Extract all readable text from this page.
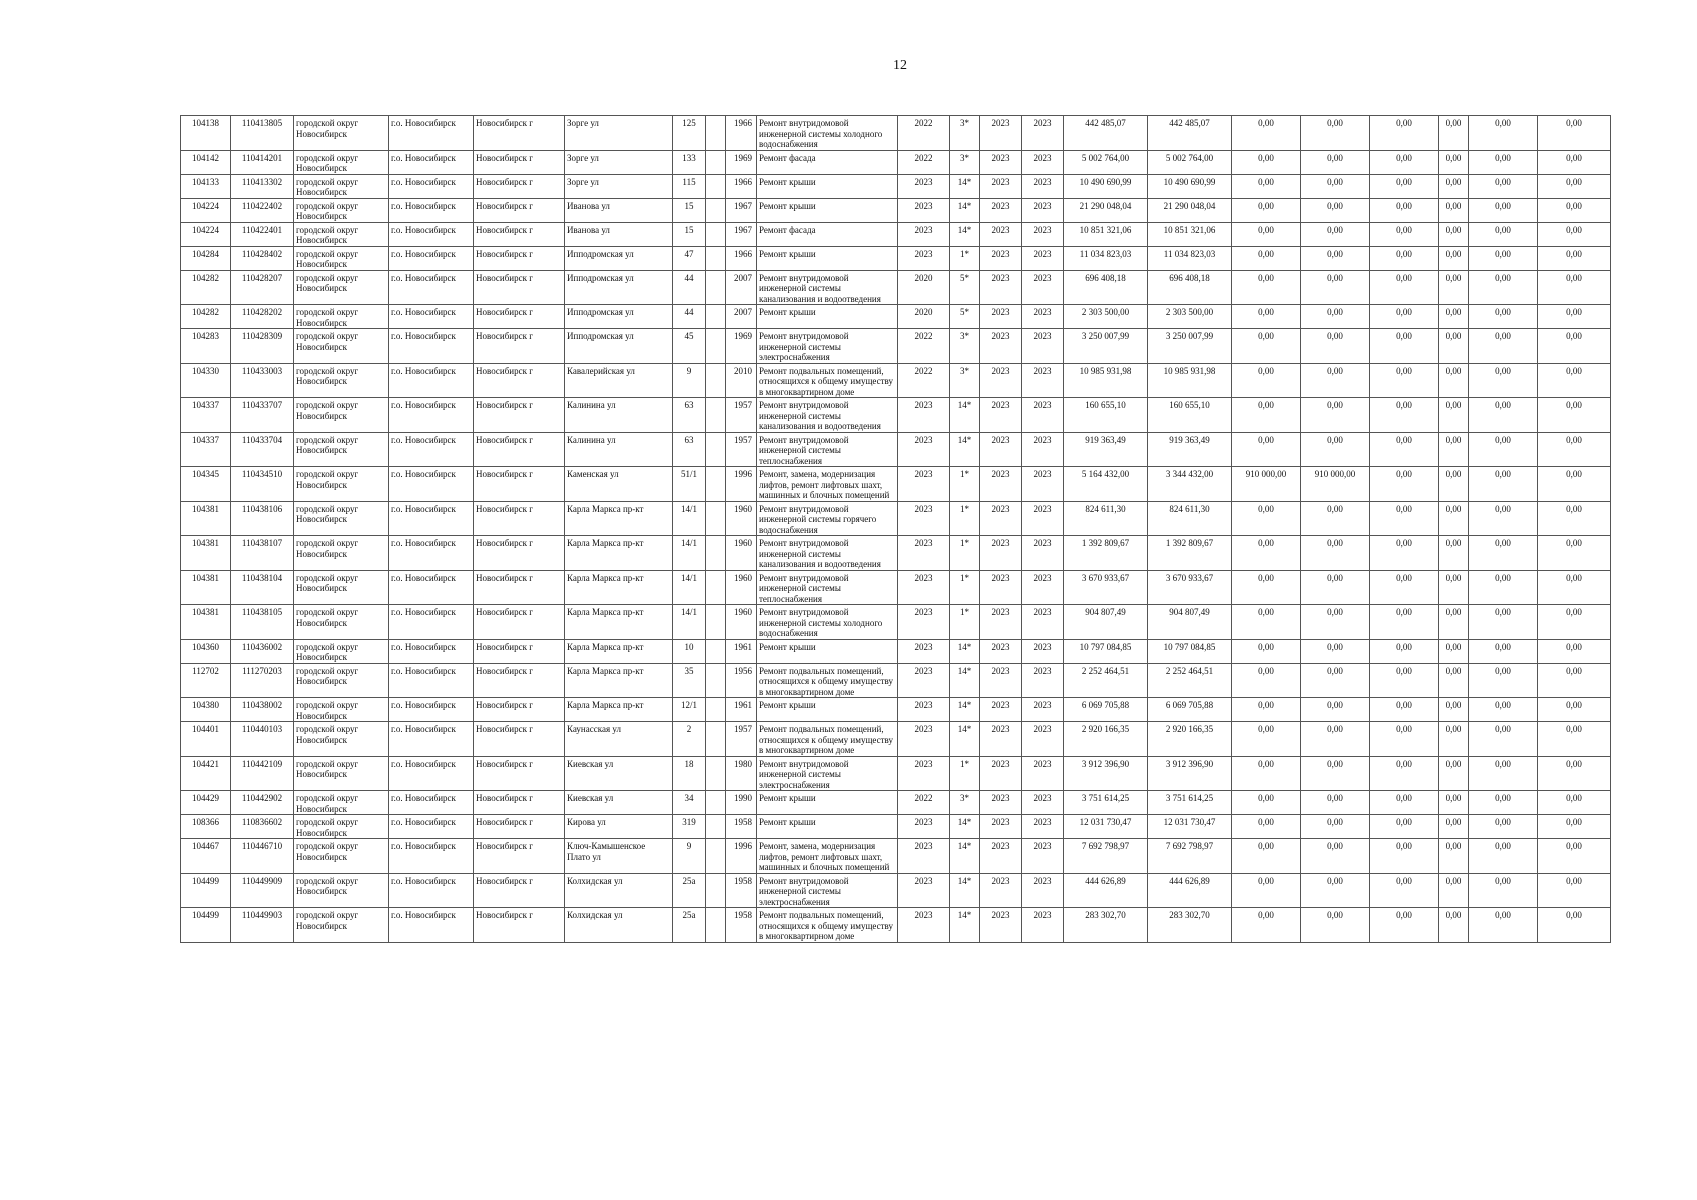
12
104138	110413805	городской округ Новосибирск	г.о. Новосибирск	Новосибирск г	Зорге ул	125		1966	Ремонт внутридомовой инженерной системы холодного водоснабжения	2022	3*	2023	2023	442 485,07	442 485,07	0,00	0,00	0,00	0,00	0,00	0,00
104142	110414201	городской округ Новосибирск	г.о. Новосибирск	Новосибирск г	Зорге ул	133		1969	Ремонт фасада	2022	3*	2023	2023	5 002 764,00	5 002 764,00	0,00	0,00	0,00	0,00	0,00	0,00
104133	110413302	городской округ Новосибирск	г.о. Новосибирск	Новосибирск г	Зорге ул	115		1966	Ремонт крыши	2023	14*	2023	2023	10 490 690,99	10 490 690,99	0,00	0,00	0,00	0,00	0,00	0,00
104224	110422402	городской округ Новосибирск	г.о. Новосибирск	Новосибирск г	Иванова ул	15		1967	Ремонт крыши	2023	14*	2023	2023	21 290 048,04	21 290 048,04	0,00	0,00	0,00	0,00	0,00	0,00
104224	110422401	городской округ Новосибирск	г.о. Новосибирск	Новосибирск г	Иванова ул	15		1967	Ремонт фасада	2023	14*	2023	2023	10 851 321,06	10 851 321,06	0,00	0,00	0,00	0,00	0,00	0,00
104284	110428402	городской округ Новосибирск	г.о. Новосибирск	Новосибирск г	Ипподромская ул	47		1966	Ремонт крыши	2023	1*	2023	2023	11 034 823,03	11 034 823,03	0,00	0,00	0,00	0,00	0,00	0,00
104282	110428207	городской округ Новосибирск	г.о. Новосибирск	Новосибирск г	Ипподромская ул	44		2007	Ремонт внутридомовой инженерной системы канализования и водоотведения	2020	5*	2023	2023	696 408,18	696 408,18	0,00	0,00	0,00	0,00	0,00	0,00
104282	110428202	городской округ Новосибирск	г.о. Новосибирск	Новосибирск г	Ипподромская ул	44		2007	Ремонт крыши	2020	5*	2023	2023	2 303 500,00	2 303 500,00	0,00	0,00	0,00	0,00	0,00	0,00
104283	110428309	городской округ Новосибирск	г.о. Новосибирск	Новосибирск г	Ипподромская ул	45		1969	Ремонт внутридомовой инженерной системы электроснабжения	2022	3*	2023	2023	3 250 007,99	3 250 007,99	0,00	0,00	0,00	0,00	0,00	0,00
104330	110433003	городской округ Новосибирск	г.о. Новосибирск	Новосибирск г	Кавалерийская ул	9		2010	Ремонт подвальных помещений, относящихся к общему имуществу в многоквартирном доме	2022	3*	2023	2023	10 985 931,98	10 985 931,98	0,00	0,00	0,00	0,00	0,00	0,00
104337	110433707	городской округ Новосибирск	г.о. Новосибирск	Новосибирск г	Калинина ул	63		1957	Ремонт внутридомовой инженерной системы канализования и водоотведения	2023	14*	2023	2023	160 655,10	160 655,10	0,00	0,00	0,00	0,00	0,00	0,00
104337	110433704	городской округ Новосибирск	г.о. Новосибирск	Новосибирск г	Калинина ул	63		1957	Ремонт внутридомовой инженерной системы теплоснабжения	2023	14*	2023	2023	919 363,49	919 363,49	0,00	0,00	0,00	0,00	0,00	0,00
104345	110434510	городской округ Новосибирск	г.о. Новосибирск	Новосибирск г	Каменская ул	51/1		1996	Ремонт, замена, модернизация лифтов, ремонт лифтовых шахт, машинных и блочных помещений	2023	1*	2023	2023	5 164 432,00	3 344 432,00	910 000,00	910 000,00	0,00	0,00	0,00	0,00
104381	110438106	городской округ Новосибирск	г.о. Новосибирск	Новосибирск г	Карла Маркса пр-кт	14/1		1960	Ремонт внутридомовой инженерной системы горячего водоснабжения	2023	1*	2023	2023	824 611,30	824 611,30	0,00	0,00	0,00	0,00	0,00	0,00
104381	110438107	городской округ Новосибирск	г.о. Новосибирск	Новосибирск г	Карла Маркса пр-кт	14/1		1960	Ремонт внутридомовой инженерной системы канализования и водоотведения	2023	1*	2023	2023	1 392 809,67	1 392 809,67	0,00	0,00	0,00	0,00	0,00	0,00
104381	110438104	городской округ Новосибирск	г.о. Новосибирск	Новосибирск г	Карла Маркса пр-кт	14/1		1960	Ремонт внутридомовой инженерной системы теплоснабжения	2023	1*	2023	2023	3 670 933,67	3 670 933,67	0,00	0,00	0,00	0,00	0,00	0,00
104381	110438105	городской округ Новосибирск	г.о. Новосибирск	Новосибирск г	Карла Маркса пр-кт	14/1		1960	Ремонт внутридомовой инженерной системы холодного водоснабжения	2023	1*	2023	2023	904 807,49	904 807,49	0,00	0,00	0,00	0,00	0,00	0,00
104360	110436002	городской округ Новосибирск	г.о. Новосибирск	Новосибирск г	Карла Маркса пр-кт	10		1961	Ремонт крыши	2023	14*	2023	2023	10 797 084,85	10 797 084,85	0,00	0,00	0,00	0,00	0,00	0,00
112702	111270203	городской округ Новосибирск	г.о. Новосибирск	Новосибирск г	Карла Маркса пр-кт	35		1956	Ремонт подвальных помещений, относящихся к общему имуществу в многоквартирном доме	2023	14*	2023	2023	2 252 464,51	2 252 464,51	0,00	0,00	0,00	0,00	0,00	0,00
104380	110438002	городской округ Новосибирск	г.о. Новосибирск	Новосибирск г	Карла Маркса пр-кт	12/1		1961	Ремонт крыши	2023	14*	2023	2023	6 069 705,88	6 069 705,88	0,00	0,00	0,00	0,00	0,00	0,00
104401	110440103	городской округ Новосибирск	г.о. Новосибирск	Новосибирск г	Каунасская ул	2		1957	Ремонт подвальных помещений, относящихся к общему имуществу в многоквартирном доме	2023	14*	2023	2023	2 920 166,35	2 920 166,35	0,00	0,00	0,00	0,00	0,00	0,00
104421	110442109	городской округ Новосибирск	г.о. Новосибирск	Новосибирск г	Киевская ул	18		1980	Ремонт внутридомовой инженерной системы электроснабжения	2023	1*	2023	2023	3 912 396,90	3 912 396,90	0,00	0,00	0,00	0,00	0,00	0,00
104429	110442902	городской округ Новосибирск	г.о. Новосибирск	Новосибирск г	Киевская ул	34		1990	Ремонт крыши	2022	3*	2023	2023	3 751 614,25	3 751 614,25	0,00	0,00	0,00	0,00	0,00	0,00
108366	110836602	городской округ Новосибирск	г.о. Новосибирск	Новосибирск г	Кирова ул	319		1958	Ремонт крыши	2023	14*	2023	2023	12 031 730,47	12 031 730,47	0,00	0,00	0,00	0,00	0,00	0,00
104467	110446710	городской округ Новосибирск	г.о. Новосибирск	Новосибирск г	Ключ-Камышенское Плато ул	9		1996	Ремонт, замена, модернизация лифтов, ремонт лифтовых шахт, машинных и блочных помещений	2023	14*	2023	2023	7 692 798,97	7 692 798,97	0,00	0,00	0,00	0,00	0,00	0,00
104499	110449909	городской округ Новосибирск	г.о. Новосибирск	Новосибирск г	Колхидская ул	25а		1958	Ремонт внутридомовой инженерной системы электроснабжения	2023	14*	2023	2023	444 626,89	444 626,89	0,00	0,00	0,00	0,00	0,00	0,00
104499	110449903	городской округ Новосибирск	г.о. Новосибирск	Новосибирск г	Колхидская ул	25а		1958	Ремонт подвальных помещений, относящихся к общему имуществу в многоквартирном доме	2023	14*	2023	2023	283 302,70	283 302,70	0,00	0,00	0,00	0,00	0,00	0,00
